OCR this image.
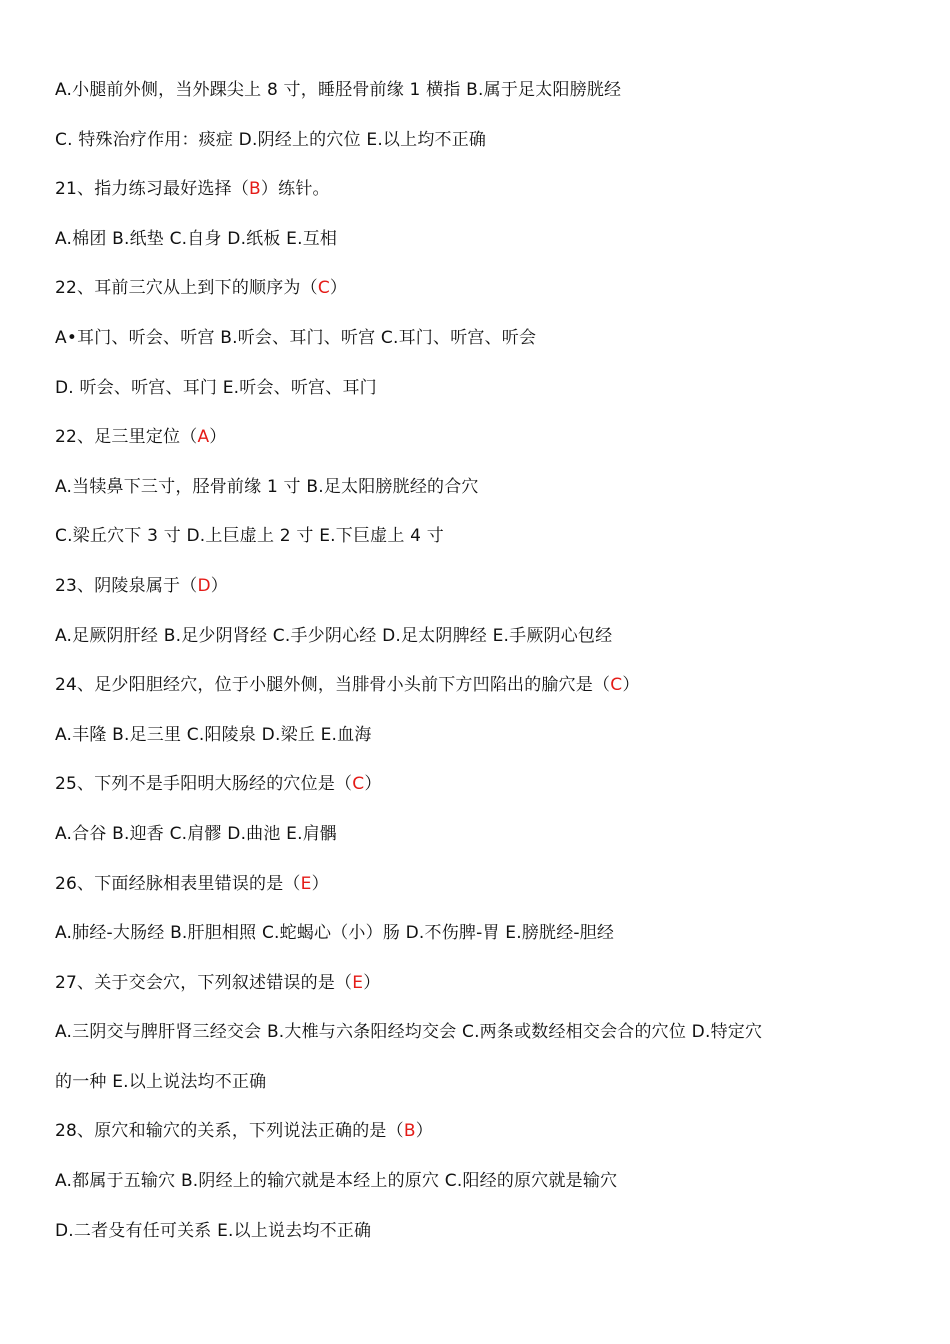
A.小腿前外侧，当外踝尖上 8 寸，睡胫骨前缘 1 横指 B.属于足太阳膀胱经
C. 特殊治疗作用：痰症 D.阴经上的穴位 E.以上均不正确
21、指力练习最好选择（B）练针。
A.棉团 B.纸垫 C.自身 D.纸板 E.互相
22、耳前三穴从上到下的顺序为（C）
A•耳门、听会、听宫 B.听会、耳门、听宫 C.耳门、听宫、听会
D. 听会、听宫、耳门 E.听会、听宫、耳门
22、足三里定位（A）
A.当犊鼻下三寸，胫骨前缘 1 寸 B.足太阳膀胱经的合穴
C.梁丘穴下 3 寸 D.上巨虚上 2 寸 E.下巨虚上 4 寸
23、阴陵泉属于（D）
A.足厥阴肝经 B.足少阴肾经 C.手少阴心经 D.足太阴脾经 E.手厥阴心包经
24、足少阳胆经穴，位于小腿外侧，当腓骨小头前下方凹陷出的腧穴是（C）
A.丰隆 B.足三里 C.阳陵泉 D.梁丘 E.血海
25、下列不是手阳明大肠经的穴位是（C）
A.合谷 B.迎香 C.肩髎 D.曲池 E.肩髃
26、下面经脉相表里错误的是（E）
A.肺经-大肠经 B.肝胆相照 C.蛇蝎心（小）肠 D.不伤脾-胃 E.膀胱经-胆经
27、关于交会穴，下列叙述错误的是（E）
A.三阴交与脾肝肾三经交会 B.大椎与六条阳经均交会 C.两条或数经相交会合的穴位 D.特定穴
的一种 E.以上说法均不正确
28、原穴和输穴的关系，下列说法正确的是（B）
A.都属于五输穴 B.阴经上的输穴就是本经上的原穴 C.阳经的原穴就是输穴
D.二者殳有任可关系 E.以上说去均不正确
